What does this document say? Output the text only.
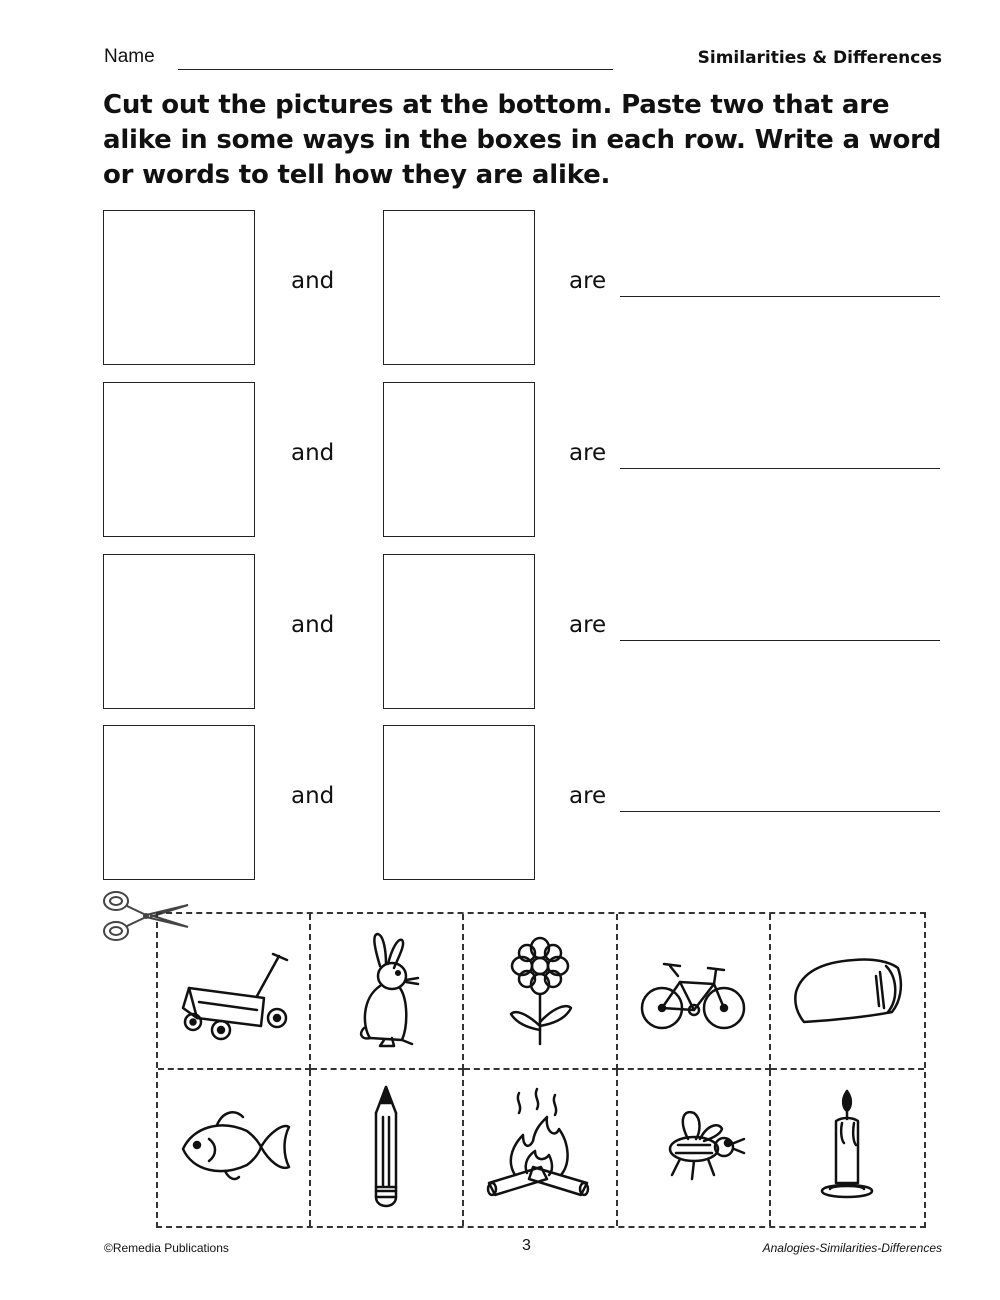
Name	Similarities & Differences
Cut out the pictures at the bottom. Paste two that are alike in some ways in the boxes in each row. Write a word or words to tell how they are alike.
and	are
and	are
and	are
and	are
©Remedia Publications	3	Analogies-Similarities-Differences
